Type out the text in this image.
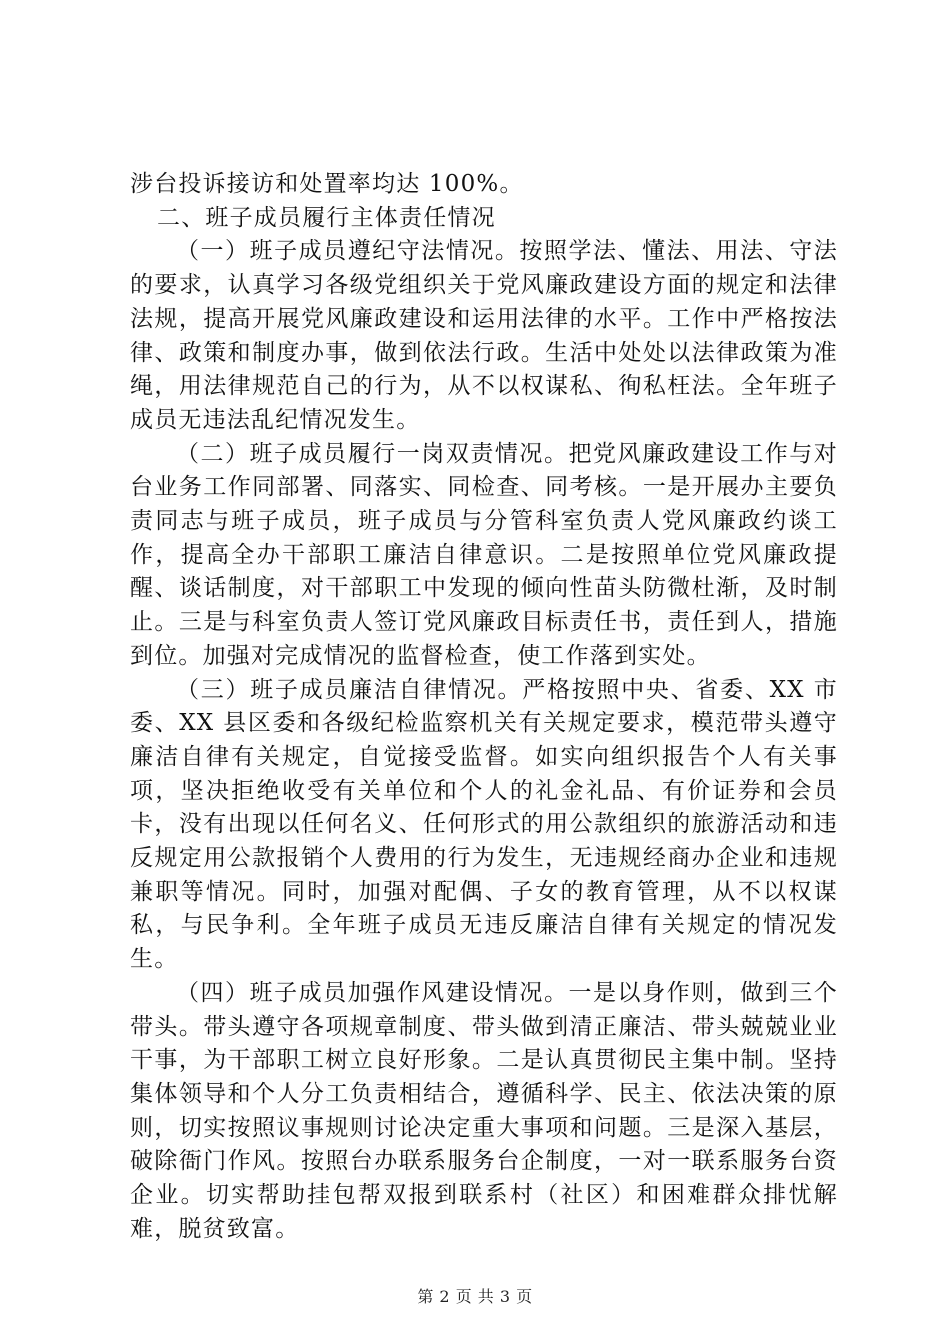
涉台投诉接访和处置率均达 100%。

二、班子成员履行主体责任情况

（一）班子成员遵纪守法情况。按照学法、懂法、用法、守法的要求，认真学习各级党组织关于党风廉政建设方面的规定和法律法规，提高开展党风廉政建设和运用法律的水平。工作中严格按法律、政策和制度办事，做到依法行政。生活中处处以法律政策为准绳，用法律规范自己的行为，从不以权谋私、徇私枉法。全年班子成员无违法乱纪情况发生。

（二）班子成员履行一岗双责情况。把党风廉政建设工作与对台业务工作同部署、同落实、同检查、同考核。一是开展办主要负责同志与班子成员，班子成员与分管科室负责人党风廉政约谈工作，提高全办干部职工廉洁自律意识。二是按照单位党风廉政提醒、谈话制度，对干部职工中发现的倾向性苗头防微杜渐，及时制止。三是与科室负责人签订党风廉政目标责任书，责任到人，措施到位。加强对完成情况的监督检查，使工作落到实处。

（三）班子成员廉洁自律情况。严格按照中央、省委、XX 市委、XX 县区委和各级纪检监察机关有关规定要求，模范带头遵守廉洁自律有关规定，自觉接受监督。如实向组织报告个人有关事项，坚决拒绝收受有关单位和个人的礼金礼品、有价证券和会员卡，没有出现以任何名义、任何形式的用公款组织的旅游活动和违反规定用公款报销个人费用的行为发生，无违规经商办企业和违规兼职等情况。同时，加强对配偶、子女的教育管理，从不以权谋私，与民争利。全年班子成员无违反廉洁自律有关规定的情况发生。

（四）班子成员加强作风建设情况。一是以身作则，做到三个带头。带头遵守各项规章制度、带头做到清正廉洁、带头兢兢业业干事，为干部职工树立良好形象。二是认真贯彻民主集中制。坚持集体领导和个人分工负责相结合，遵循科学、民主、依法决策的原则，切实按照议事规则讨论决定重大事项和问题。三是深入基层，破除衙门作风。按照台办联系服务台企制度，一对一联系服务台资企业。切实帮助挂包帮双报到联系村（社区）和困难群众排忧解难，脱贫致富。

第 2 页 共 3 页
